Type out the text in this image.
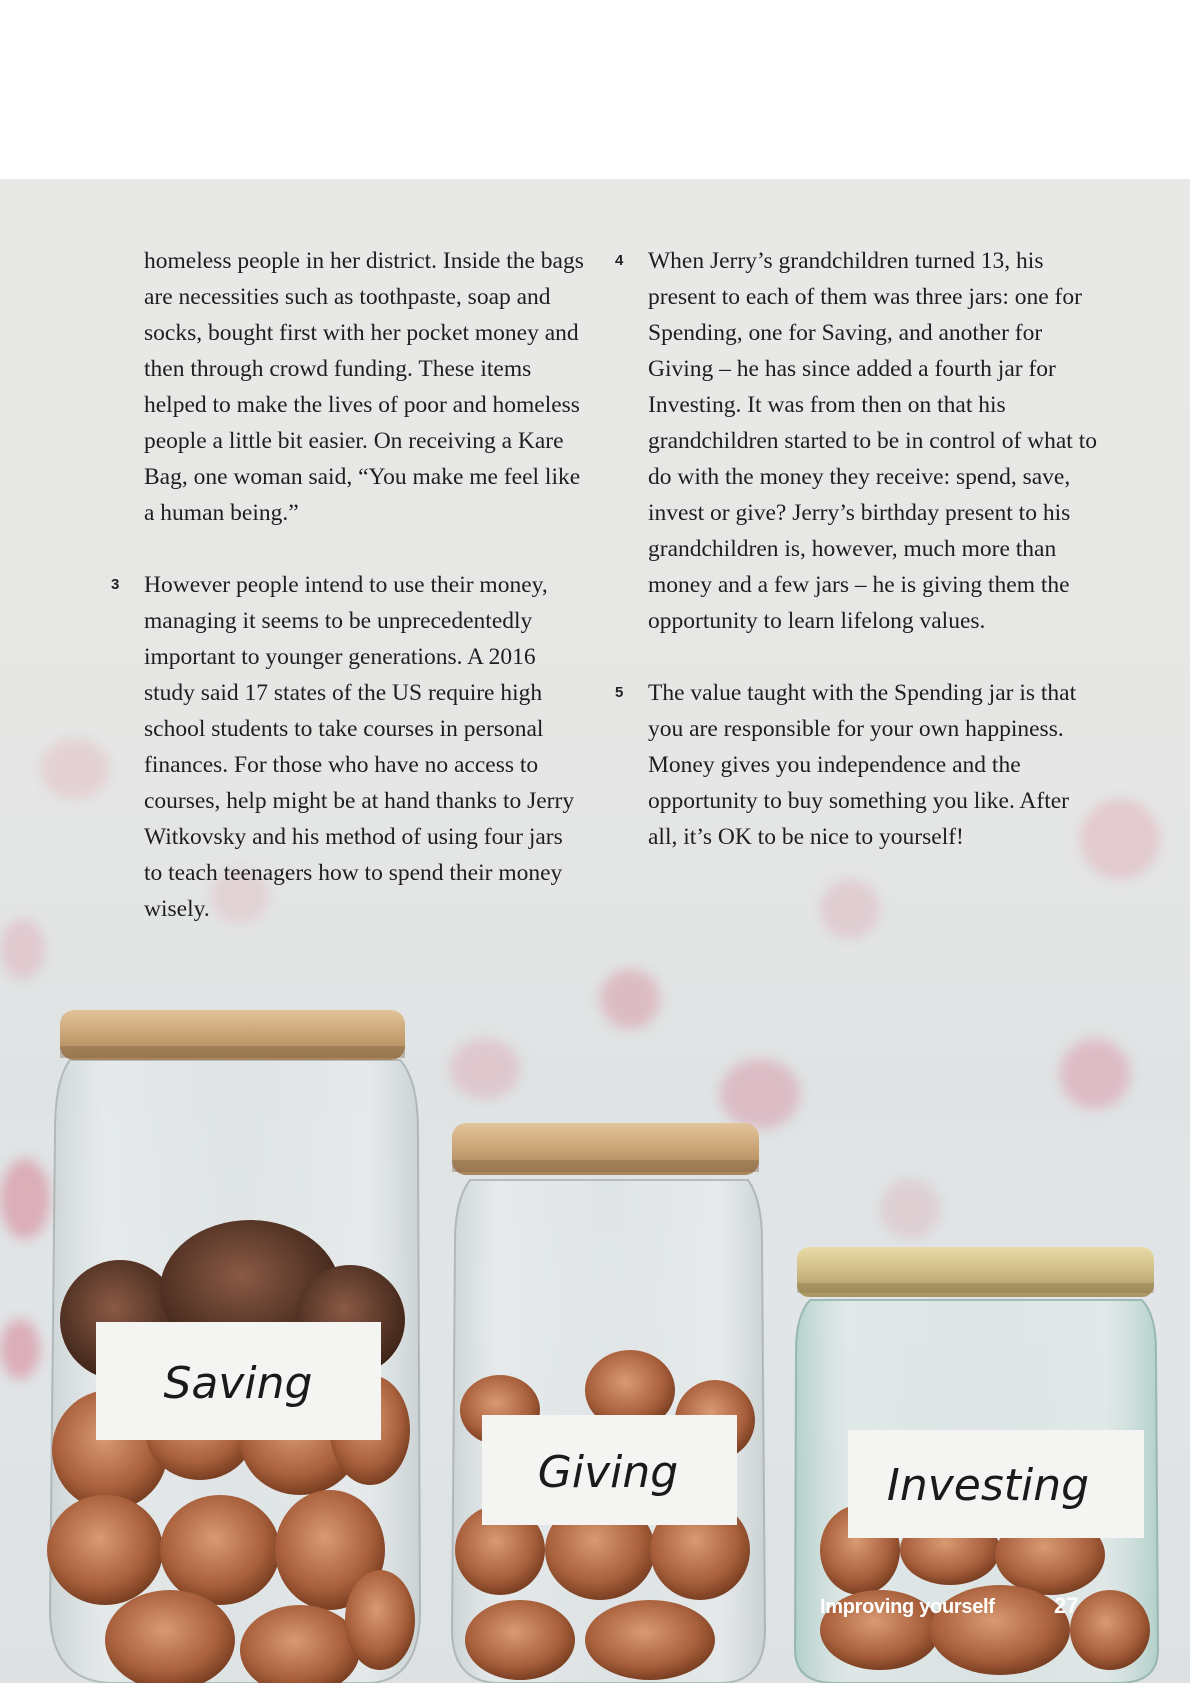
homeless people in her district. Inside the bags are necessities such as toothpaste, soap and socks, bought first with her pocket money and then through crowd funding. These items helped to make the lives of poor and homeless people a little bit easier. On receiving a Kare Bag, one woman said, “You make me feel like a human being.”

3 However people intend to use their money, managing it seems to be unprecedentedly important to younger generations. A 2016 study said 17 states of the US require high school students to take courses in personal finances. For those who have no access to courses, help might be at hand thanks to Jerry Witkovsky and his method of using four jars to teach teenagers how to spend their money wisely.

4 When Jerry’s grandchildren turned 13, his present to each of them was three jars: one for Spending, one for Saving, and another for Giving – he has since added a fourth jar for Investing. It was from then on that his grandchildren started to be in control of what to do with the money they receive: spend, save, invest or give? Jerry’s birthday present to his grandchildren is, however, much more than money and a few jars – he is giving them the opportunity to learn lifelong values.

5 The value taught with the Spending jar is that you are responsible for your own happiness. Money gives you independence and the opportunity to buy something you like. After all, it’s OK to be nice to yourself!

Saving
Giving	Investing
Improving yourself	27
